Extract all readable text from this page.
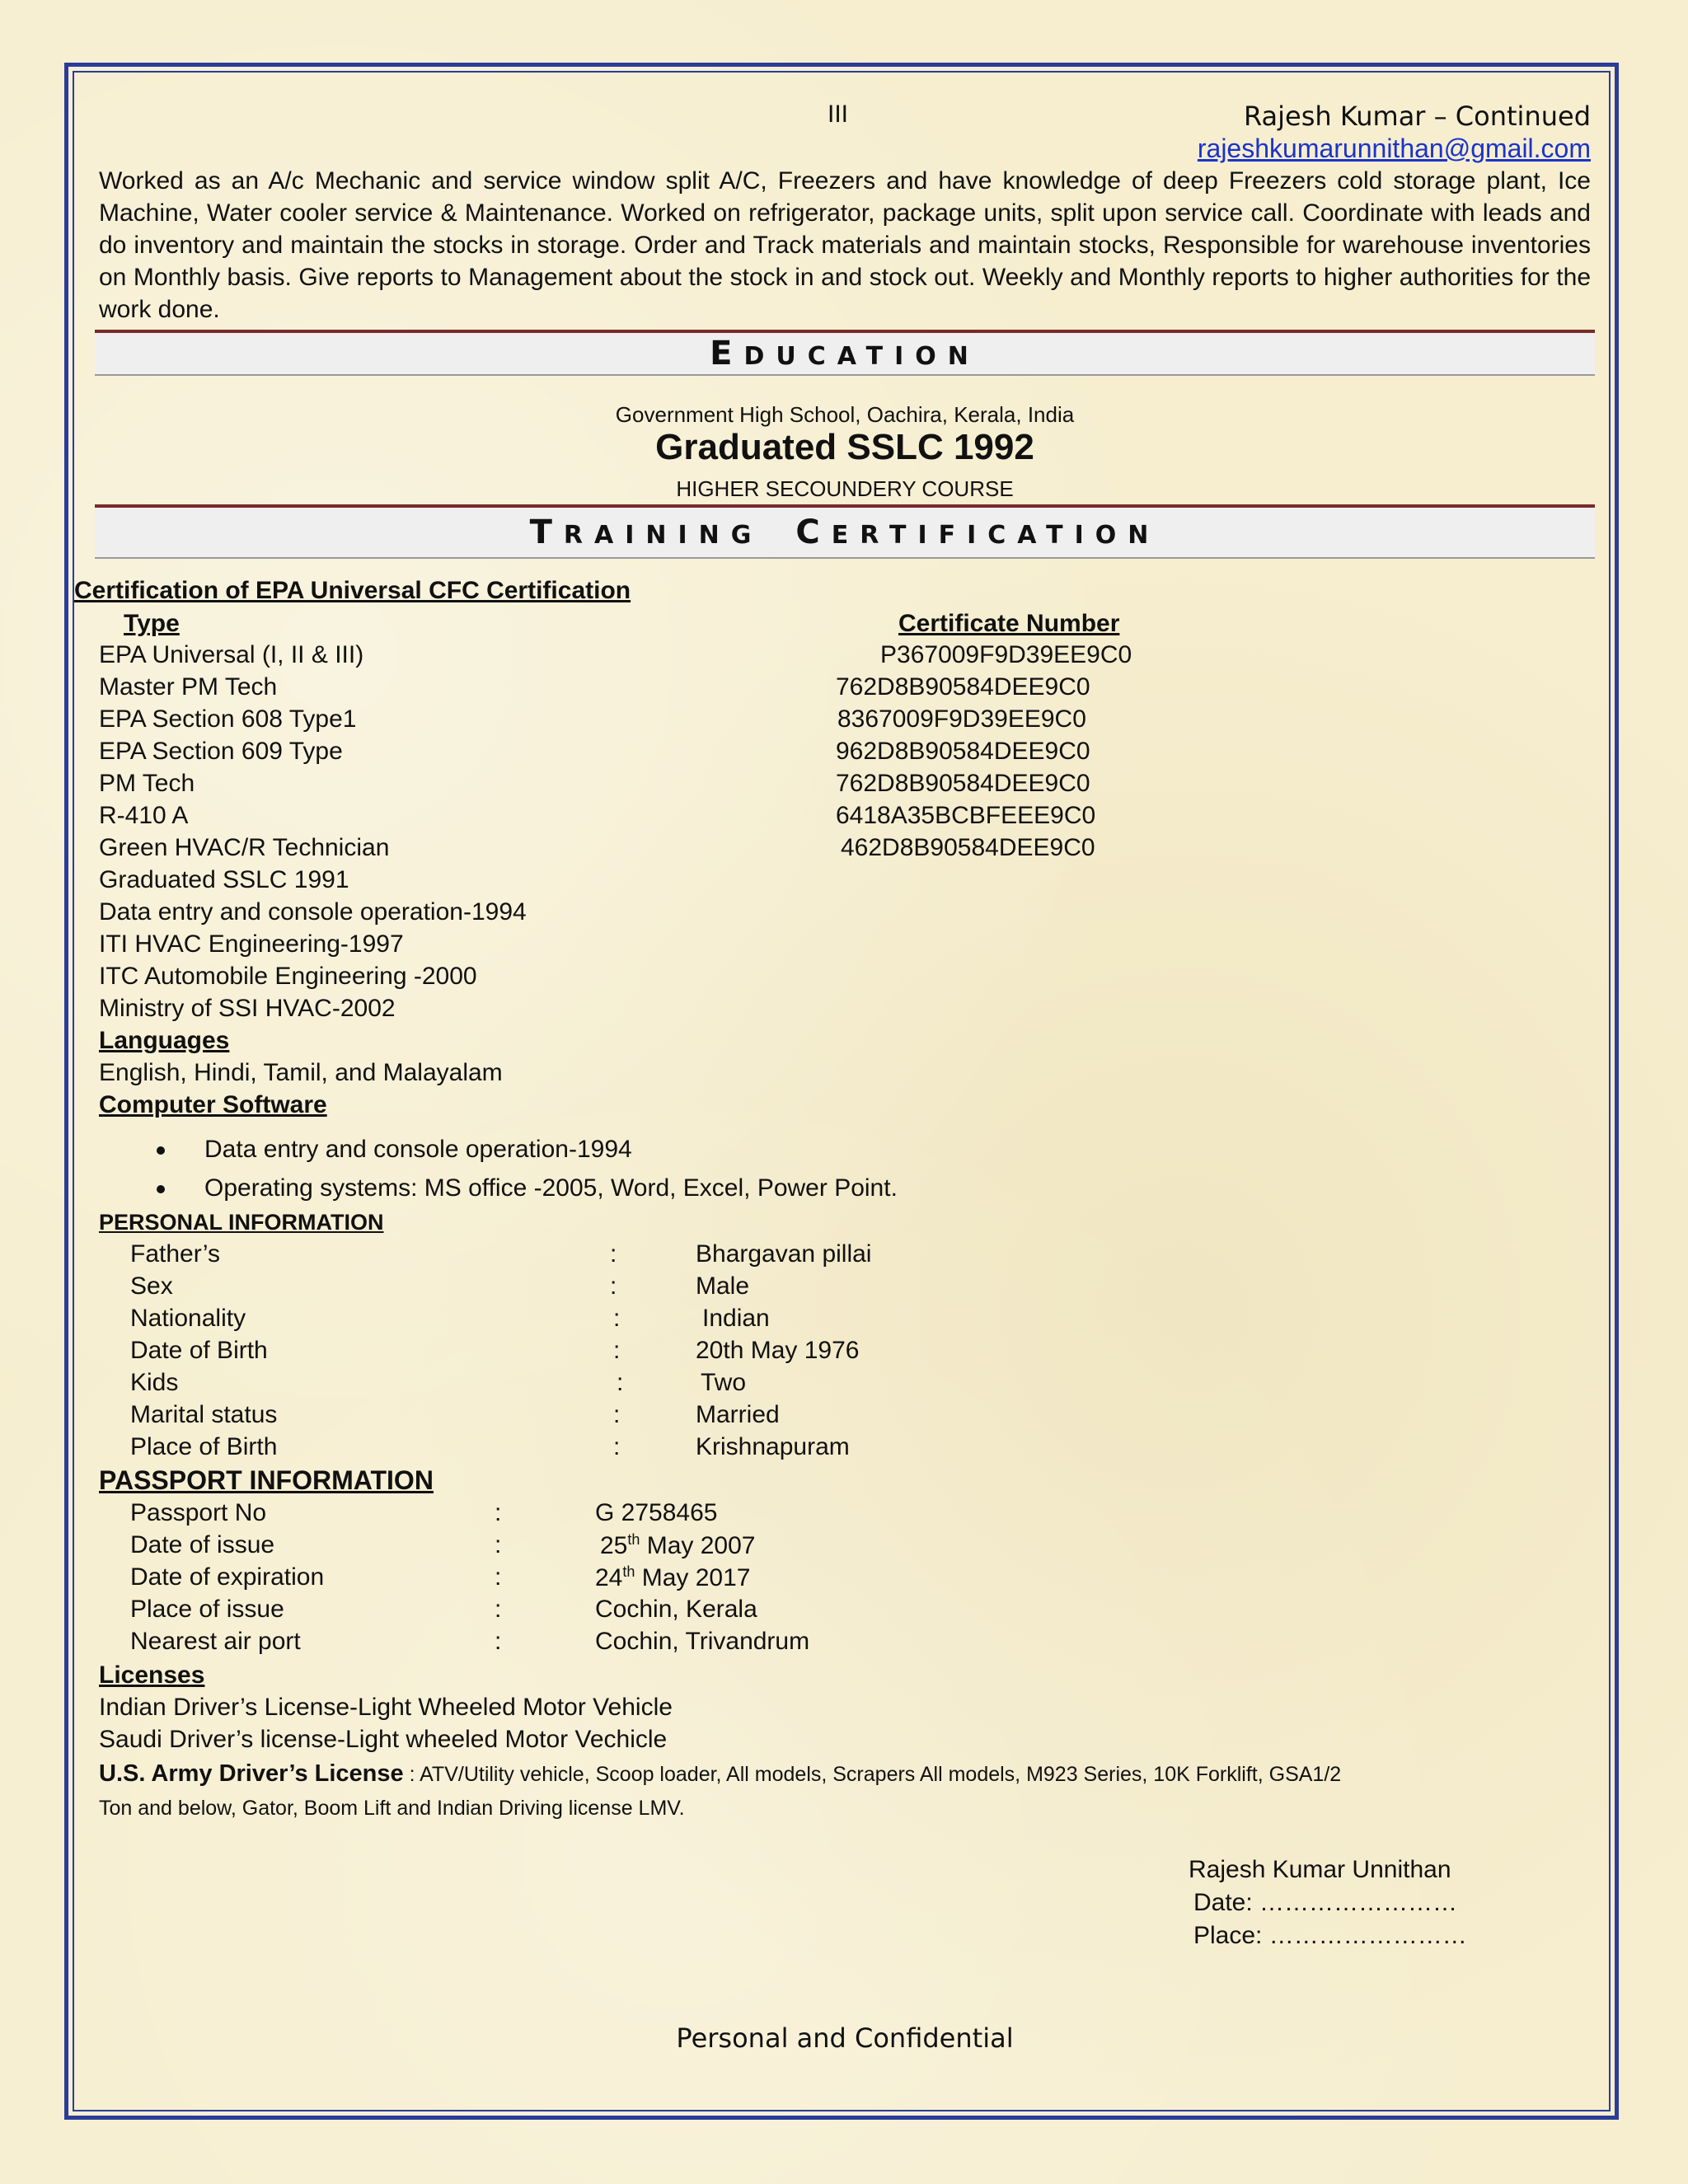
III	Rajesh Kumar – Continued
rajeshkumarunnithan@gmail.com
Worked as an A/c Mechanic and service window split A/C, Freezers and have knowledge of deep Freezers cold storage plant, Ice Machine, Water cooler service & Maintenance. Worked on refrigerator, package units, split upon service call. Coordinate with leads and do inventory and maintain the stocks in storage. Order and Track materials and maintain stocks, Responsible for warehouse inventories on Monthly basis. Give reports to Management about the stock in and stock out. Weekly and Monthly reports to higher authorities for the work done.
EDUCATION
Government High School, Oachira, Kerala, India
Graduated SSLC 1992
HIGHER SECOUNDERY COURSE
TRAINING CERTIFICATION
Certification of EPA Universal CFC Certification
Type	Certificate Number
EPA Universal (I, II & III)	P367009F9D39EE9C0
Master PM Tech	762D8B90584DEE9C0
EPA Section 608 Type1	8367009F9D39EE9C0
EPA Section 609 Type	962D8B90584DEE9C0
PM Tech	762D8B90584DEE9C0
R-410 A	6418A35BCBFEEE9C0
Green HVAC/R Technician	462D8B90584DEE9C0
Graduated SSLC 1991
Data entry and console operation-1994
ITI HVAC Engineering-1997
ITC Automobile Engineering -2000
Ministry of SSI HVAC-2002
Languages
English, Hindi, Tamil, and Malayalam
Computer Software
Data entry and console operation-1994
Operating systems: MS office -2005, Word, Excel, Power Point.
PERSONAL INFORMATION
Father’s	:	Bhargavan pillai
Sex	:	Male
Nationality	:	Indian
Date of Birth	:	20th May 1976
Kids	:	Two
Marital status	:	Married
Place of Birth	:	Krishnapuram
PASSPORT INFORMATION
Passport No	:	G 2758465
Date of issue	:	25th May 2007
Date of expiration	:	24th May 2017
Place of issue	:	Cochin, Kerala
Nearest air port	:	Cochin, Trivandrum
Licenses
Indian Driver’s License-Light Wheeled Motor Vehicle
Saudi Driver’s license-Light wheeled Motor Vechicle
U.S. Army Driver’s License : ATV/Utility vehicle, Scoop loader, All models, Scrapers All models, M923 Series, 10K Forklift, GSA1/2
Ton and below, Gator, Boom Lift and Indian Driving license LMV.
Rajesh Kumar Unnithan
Date: ……………………
Place: ……………………
Personal and Confidential
